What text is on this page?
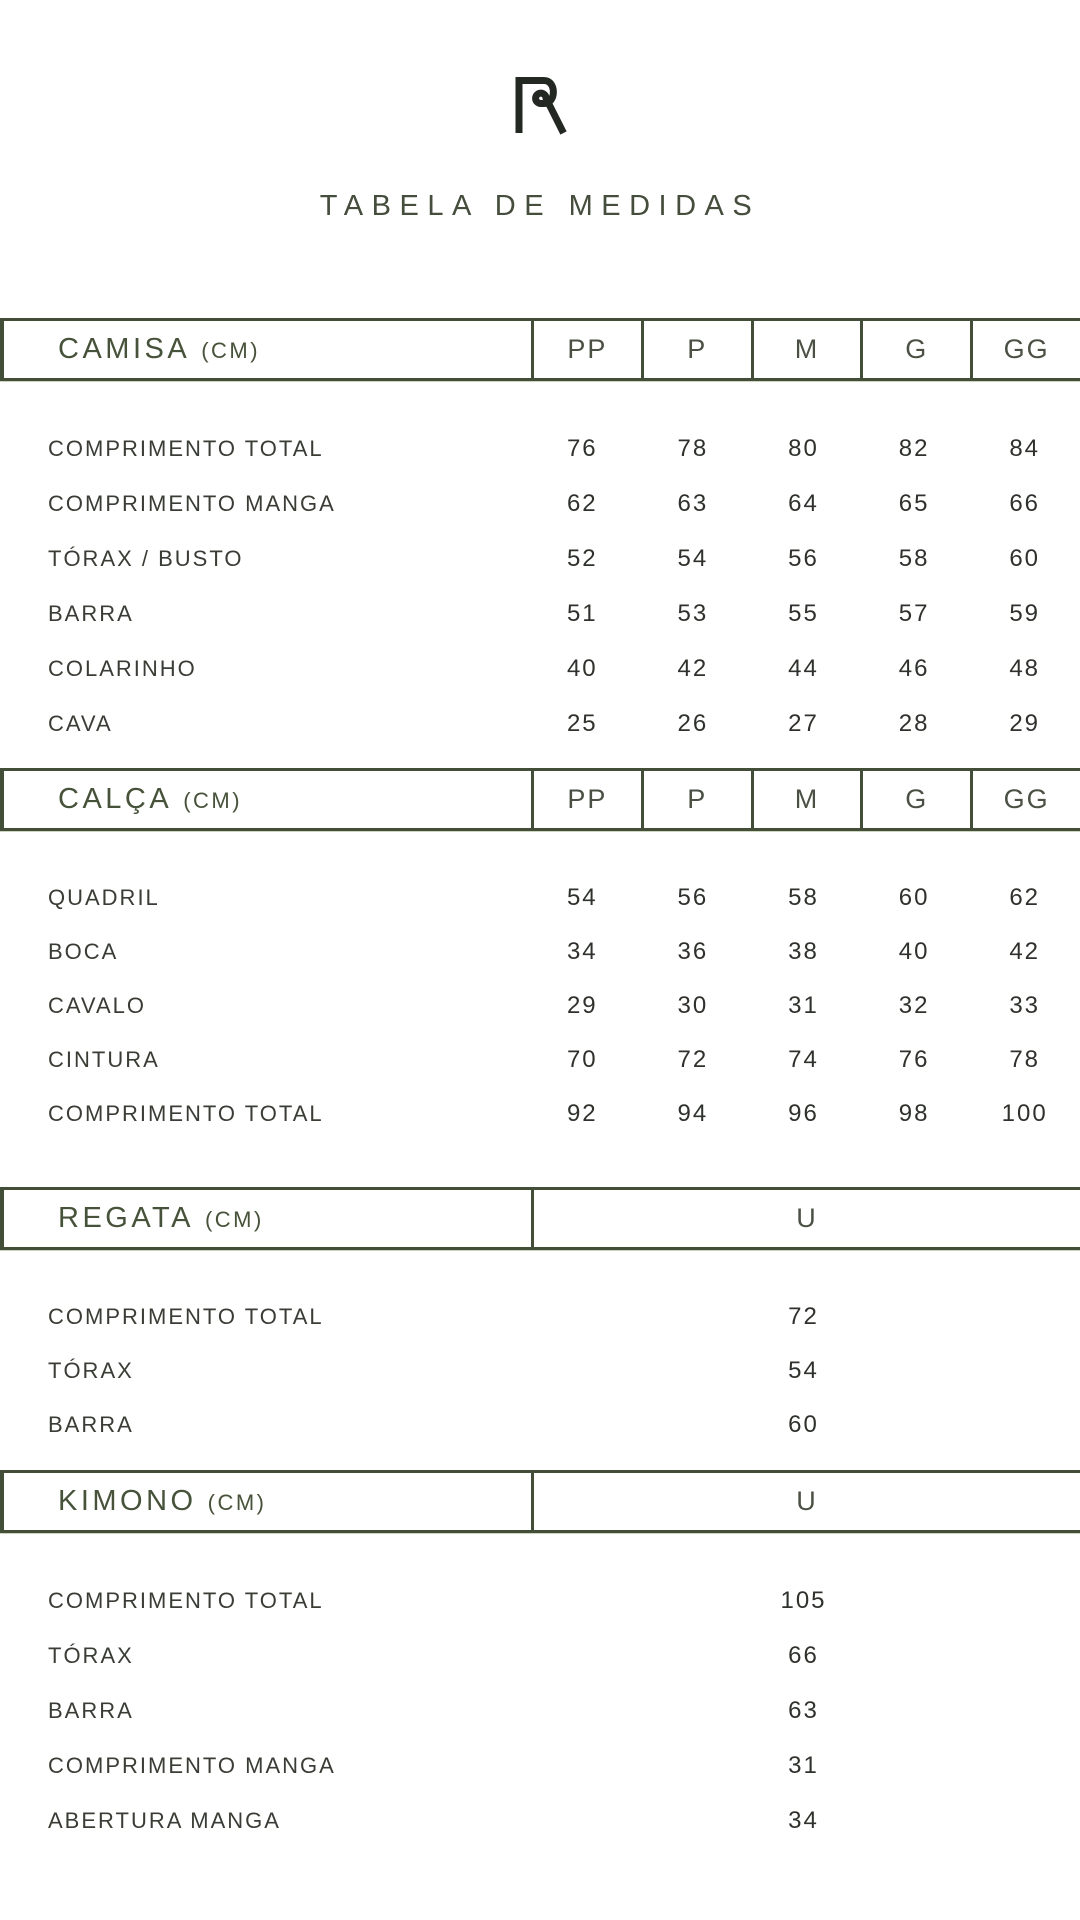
TABELA DE MEDIDAS
CAMISA (CM)	PP	P	M	G	GG
COMPRIMENTO TOTAL	76	78	80	82	84
COMPRIMENTO MANGA	62	63	64	65	66
TÓRAX / BUSTO	52	54	56	58	60
BARRA	51	53	55	57	59
COLARINHO	40	42	44	46	48
CAVA	25	26	27	28	29
CALÇA (CM)	PP	P	M	G	GG
QUADRIL	54	56	58	60	62
BOCA	34	36	38	40	42
CAVALO	29	30	31	32	33
CINTURA	70	72	74	76	78
COMPRIMENTO TOTAL	92	94	96	98	100
REGATA (CM)	U
COMPRIMENTO TOTAL	72
TÓRAX	54
BARRA	60
KIMONO (CM)	U
COMPRIMENTO TOTAL	105
TÓRAX	66
BARRA	63
COMPRIMENTO MANGA	31
ABERTURA MANGA	34
